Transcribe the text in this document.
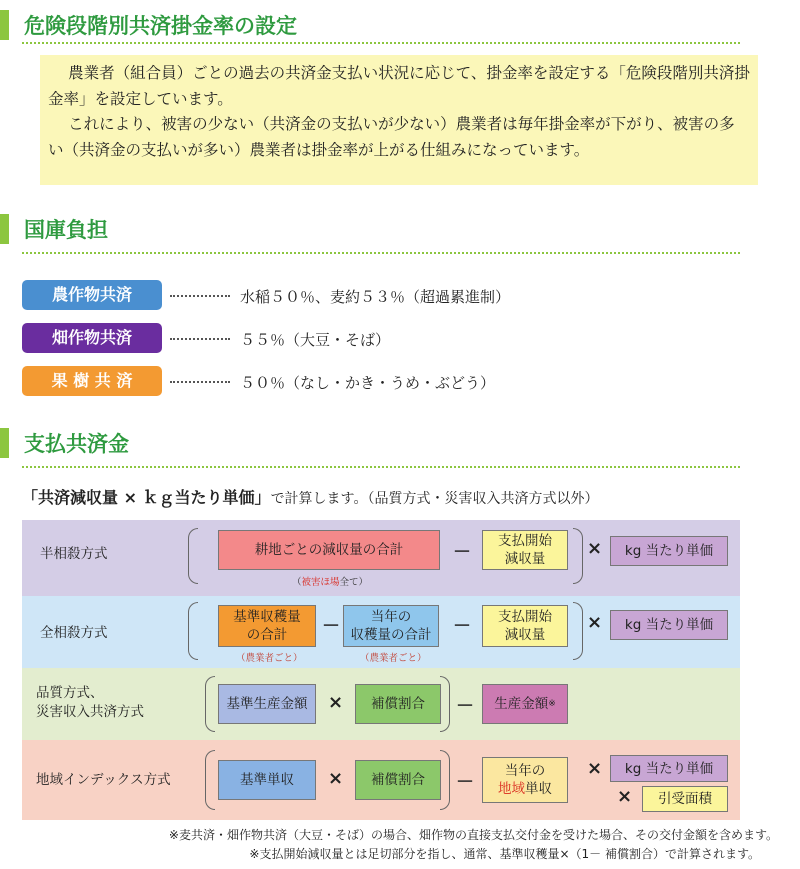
危険段階別共済掛金率の設定

農業者（組合員）ごとの過去の共済金支払い状況に応じて、掛金率を設定する「危険段階別共済掛金率」を設定しています。

これにより、被害の少ない（共済金の支払いが少ない）農業者は毎年掛金率が下がり、被害の多い（共済金の支払いが多い）農業者は掛金率が上がる仕組みになっています。

国庫負担
農作物共済	水稲５０％、麦約５３％（超過累進制）
畑作物共済	５５％（大豆・そば）
果 樹 共 済	５０％（なし・かき・うめ・ぶどう）
支払共済金
「共済減収量 × ｋｇ当たり単価」で計算します。（品質方式・災害収入共済方式以外）
半相殺方式	耕地ごとの減収量の合計
（被害ほ場全て）
－
支払開始
減収量	×	kg 当たり単価
全相殺方式
基準収穫量
の合計
（農業者ごと）
－	当年の
収穫量の合計
（農業者ごと）
－	支払開始
減収量
×	kg 当たり単価
品質方式、
災害収入共済方式	基準生産金額	×	補償割合	－ 生産金額 ※
地域インデックス方式	基準単収	×	補償割合	－
当年の
地域単収
×	kg 当たり単価
×	引受面積
※麦共済・畑作物共済（大豆・そば）の場合、畑作物の直接支払交付金を受けた場合、その交付金額を含めます。
※支払開始減収量とは足切部分を指し、通常、基準収穫量×（1－ 補償割合）で計算されます。
